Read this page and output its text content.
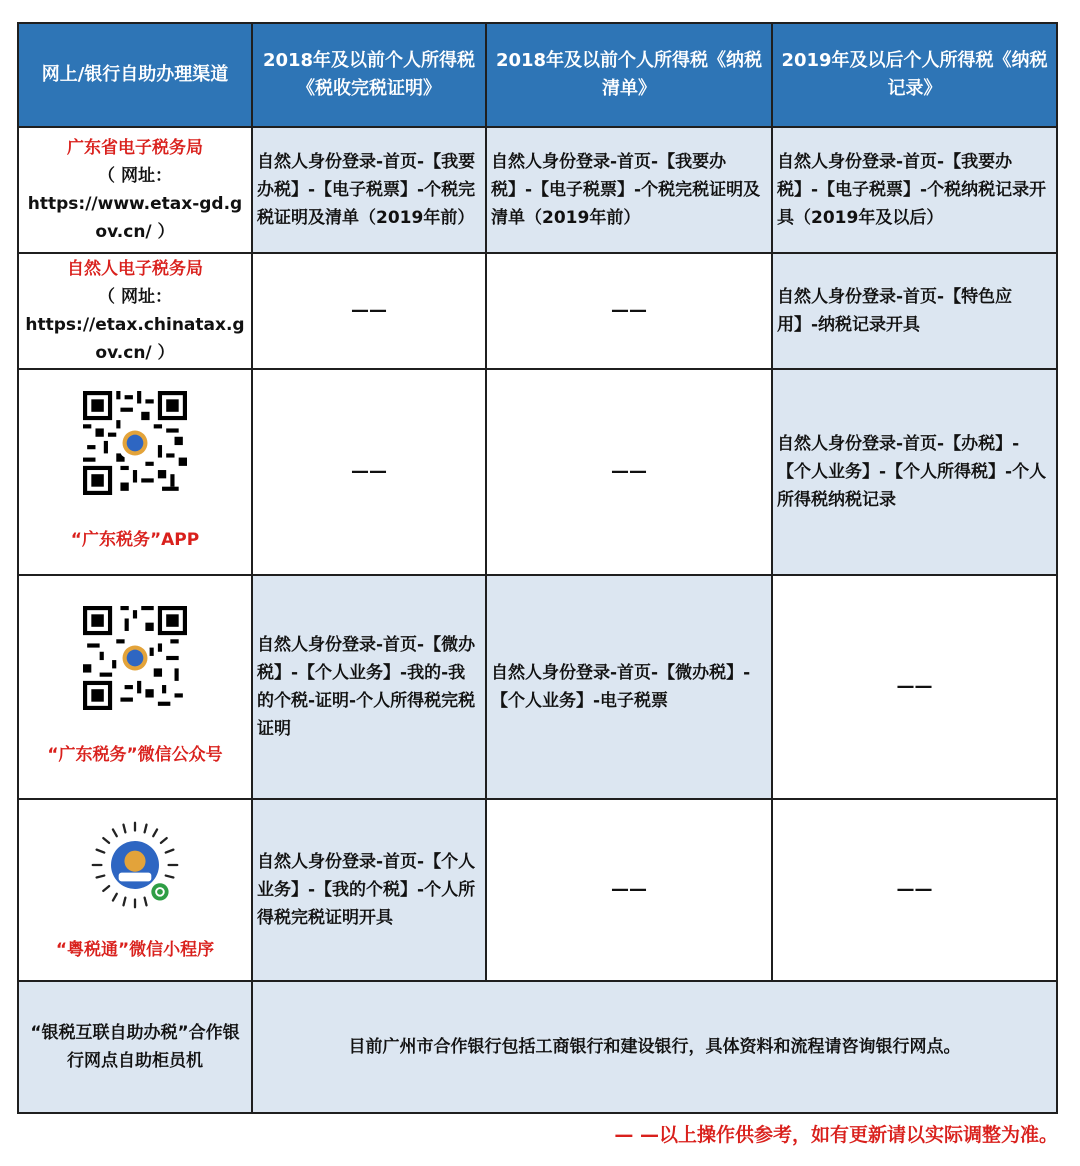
网上/银行自助办理渠道	2018年及以前个人所得税《税收完税证明》	2018年及以前个人所得税《纳税清单》	2019年及以后个人所得税《纳税记录》

广东省电子税务局
（ 网址：
https://www.etax-gd.gov.cn/ ）	自然人身份登录-首页-【我要办税】-【电子税票】-个税完税证明及清单（2019年前）	自然人身份登录-首页-【我要办税】-【电子税票】-个税完税证明及清单（2019年前）	自然人身份登录-首页-【我要办税】-【电子税票】-个税纳税记录开具（2019年及以后）

自然人电子税务局
（ 网址：
https://etax.chinatax.gov.cn/ ）	——	——	自然人身份登录-首页-【特色应用】-纳税记录开具

“广东税务”APP	——	——	自然人身份登录-首页-【办税】-【个人业务】-【个人所得税】-个人所得税纳税记录

“广东税务”微信公众号	自然人身份登录-首页-【微办税】-【个人业务】-我的-我的个税-证明-个人所得税完税证明	自然人身份登录-首页-【微办税】-【个人业务】-电子税票	——

“粤税通”微信小程序	自然人身份登录-首页-【个人业务】-【我的个税】-个人所得税完税证明开具	——	——

“银税互联自助办税”合作银行网点自助柜员机	目前广州市合作银行包括工商银行和建设银行，具体资料和流程请咨询银行网点。		
— —以上操作供参考，如有更新请以实际调整为准。
